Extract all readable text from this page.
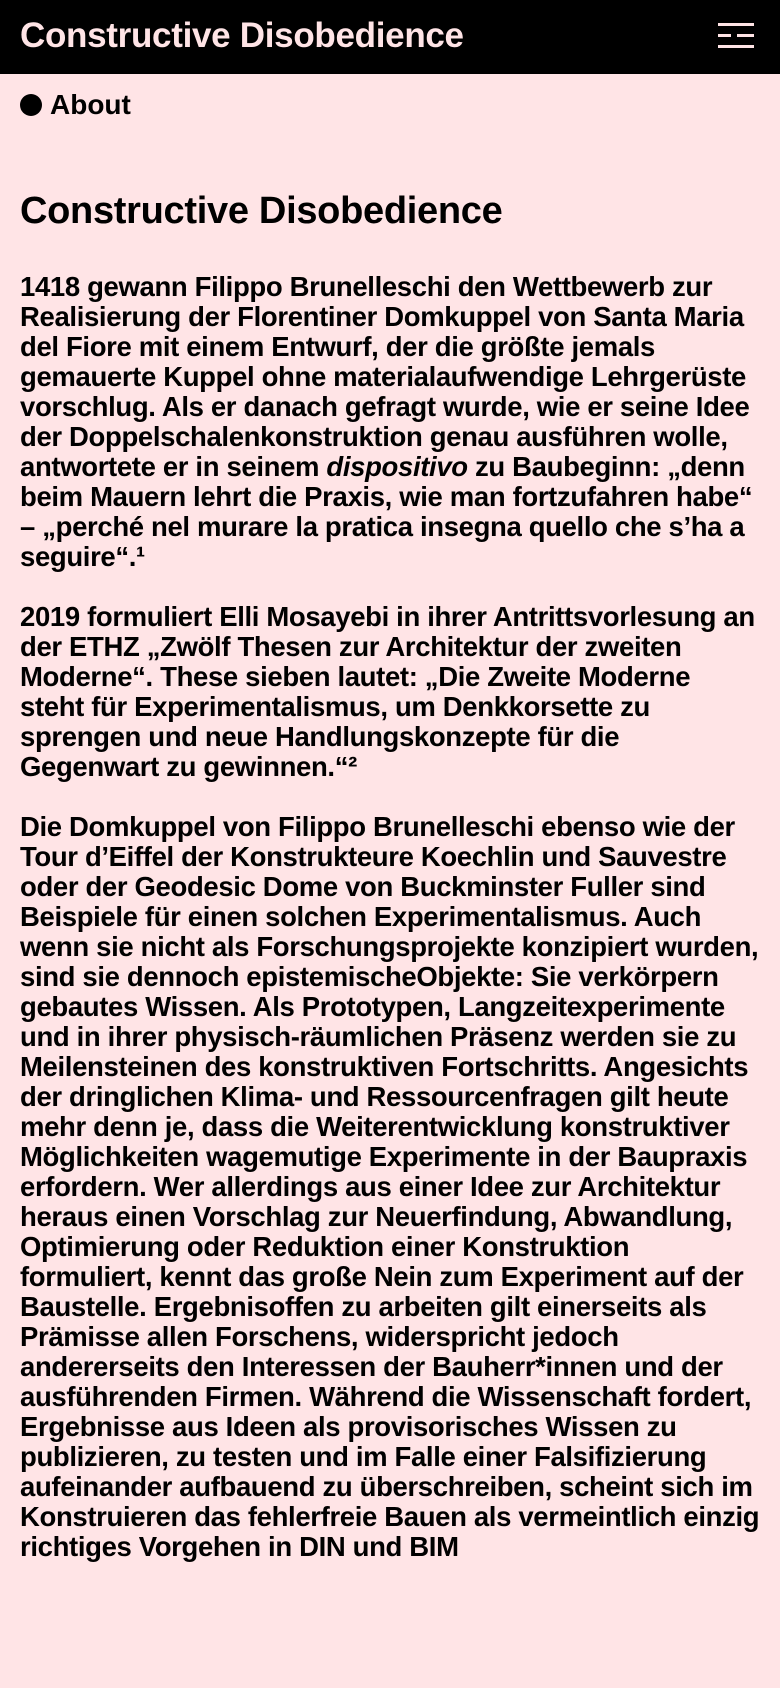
Constructive Disobedience
About
Constructive Disobedience

1418 gewann Filippo Brunelleschi den Wettbewerb zur Realisierung der Florentiner Domkuppel von Santa Maria del Fiore mit einem Entwurf, der die größte jemals gemauerte Kuppel ohne materialaufwendige Lehrgerüste vorschlug. Als er danach gefragt wurde, wie er seine Idee der Doppelschalenkonstruktion genau ausführen wolle, antwortete er in seinem dispositivo zu Baubeginn: „denn beim Mauern lehrt die Praxis, wie man fortzufahren habe“ – „perché nel murare la pratica insegna quello che s’ha a seguire“.¹

2019 formuliert Elli Mosayebi in ihrer Antrittsvorlesung an der ETHZ „Zwölf Thesen zur Architektur der zweiten Moderne“. These sieben lautet: „Die Zweite Moderne steht für Experimentalismus, um Denkkorsette zu sprengen und neue Handlungskonzepte für die Gegenwart zu gewinnen.“²

Die Domkuppel von Filippo Brunelleschi ebenso wie der Tour d’Eiffel der Konstrukteure Koechlin und Sauvestre oder der Geodesic Dome von Buckminster Fuller sind Beispiele für einen solchen Experimentalismus. Auch wenn sie nicht als Forschungsprojekte konzipiert wurden, sind sie dennoch epistemischeObjekte: Sie verkörpern gebautes Wissen. Als Prototypen, Langzeitexperimente und in ihrer physisch-räumlichen Präsenz werden sie zu Meilensteinen des konstruktiven Fortschritts. Angesichts der dringlichen Klima- und Ressourcenfragen gilt heute mehr denn je, dass die Weiterentwicklung konstruktiver Möglichkeiten wagemutige Experimente in der Baupraxis erfordern. Wer allerdings aus einer Idee zur Architektur heraus einen Vorschlag zur Neuerfindung, Abwandlung, Optimierung oder Reduktion einer Konstruktion formuliert, kennt das große Nein zum Experiment auf der Baustelle. Ergebnisoffen zu arbeiten gilt einerseits als Prämisse allen Forschens, widerspricht jedoch andererseits den Interessen der Bauherr*innen und der ausführenden Firmen. Während die Wissenschaft fordert, Ergebnisse aus Ideen als provisorisches Wissen zu publizieren, zu testen und im Falle einer Falsifizierung aufeinander aufbauend zu überschreiben, scheint sich im Konstruieren das fehlerfreie Bauen als vermeintlich einzig richtiges Vorgehen in DIN und BIM
